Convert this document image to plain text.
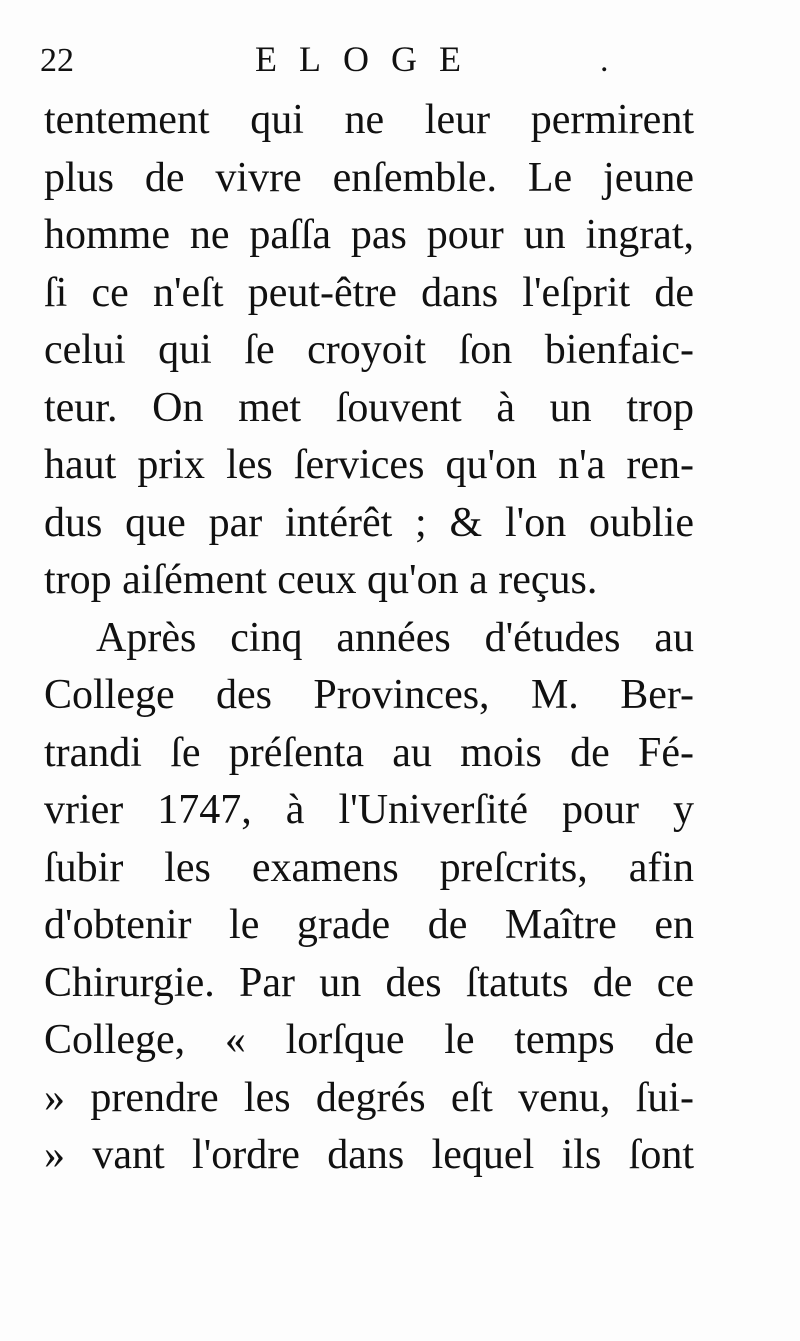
22	ELOGE	.
tentement qui ne leur permirent
plus de vivre enſemble. Le jeune
homme ne paſſa pas pour un ingrat,
ſi ce n'eſt peut-être dans l'eſprit de
celui qui ſe croyoit ſon bienfaic-
teur. On met ſouvent à un trop
haut prix les ſervices qu'on n'a ren-
dus que par intérêt ; & l'on oublie
trop aiſément ceux qu'on a reçus.
Après cinq années d'études au
College des Provinces, M. Ber-
trandi ſe préſenta au mois de Fé-
vrier 1747, à l'Univerſité pour y
ſubir les examens preſcrits, afin
d'obtenir le grade de Maître en
Chirurgie. Par un des ſtatuts de ce
College, « lorſque le temps de
» prendre les degrés eſt venu, ſui-
» vant l'ordre dans lequel ils ſont
